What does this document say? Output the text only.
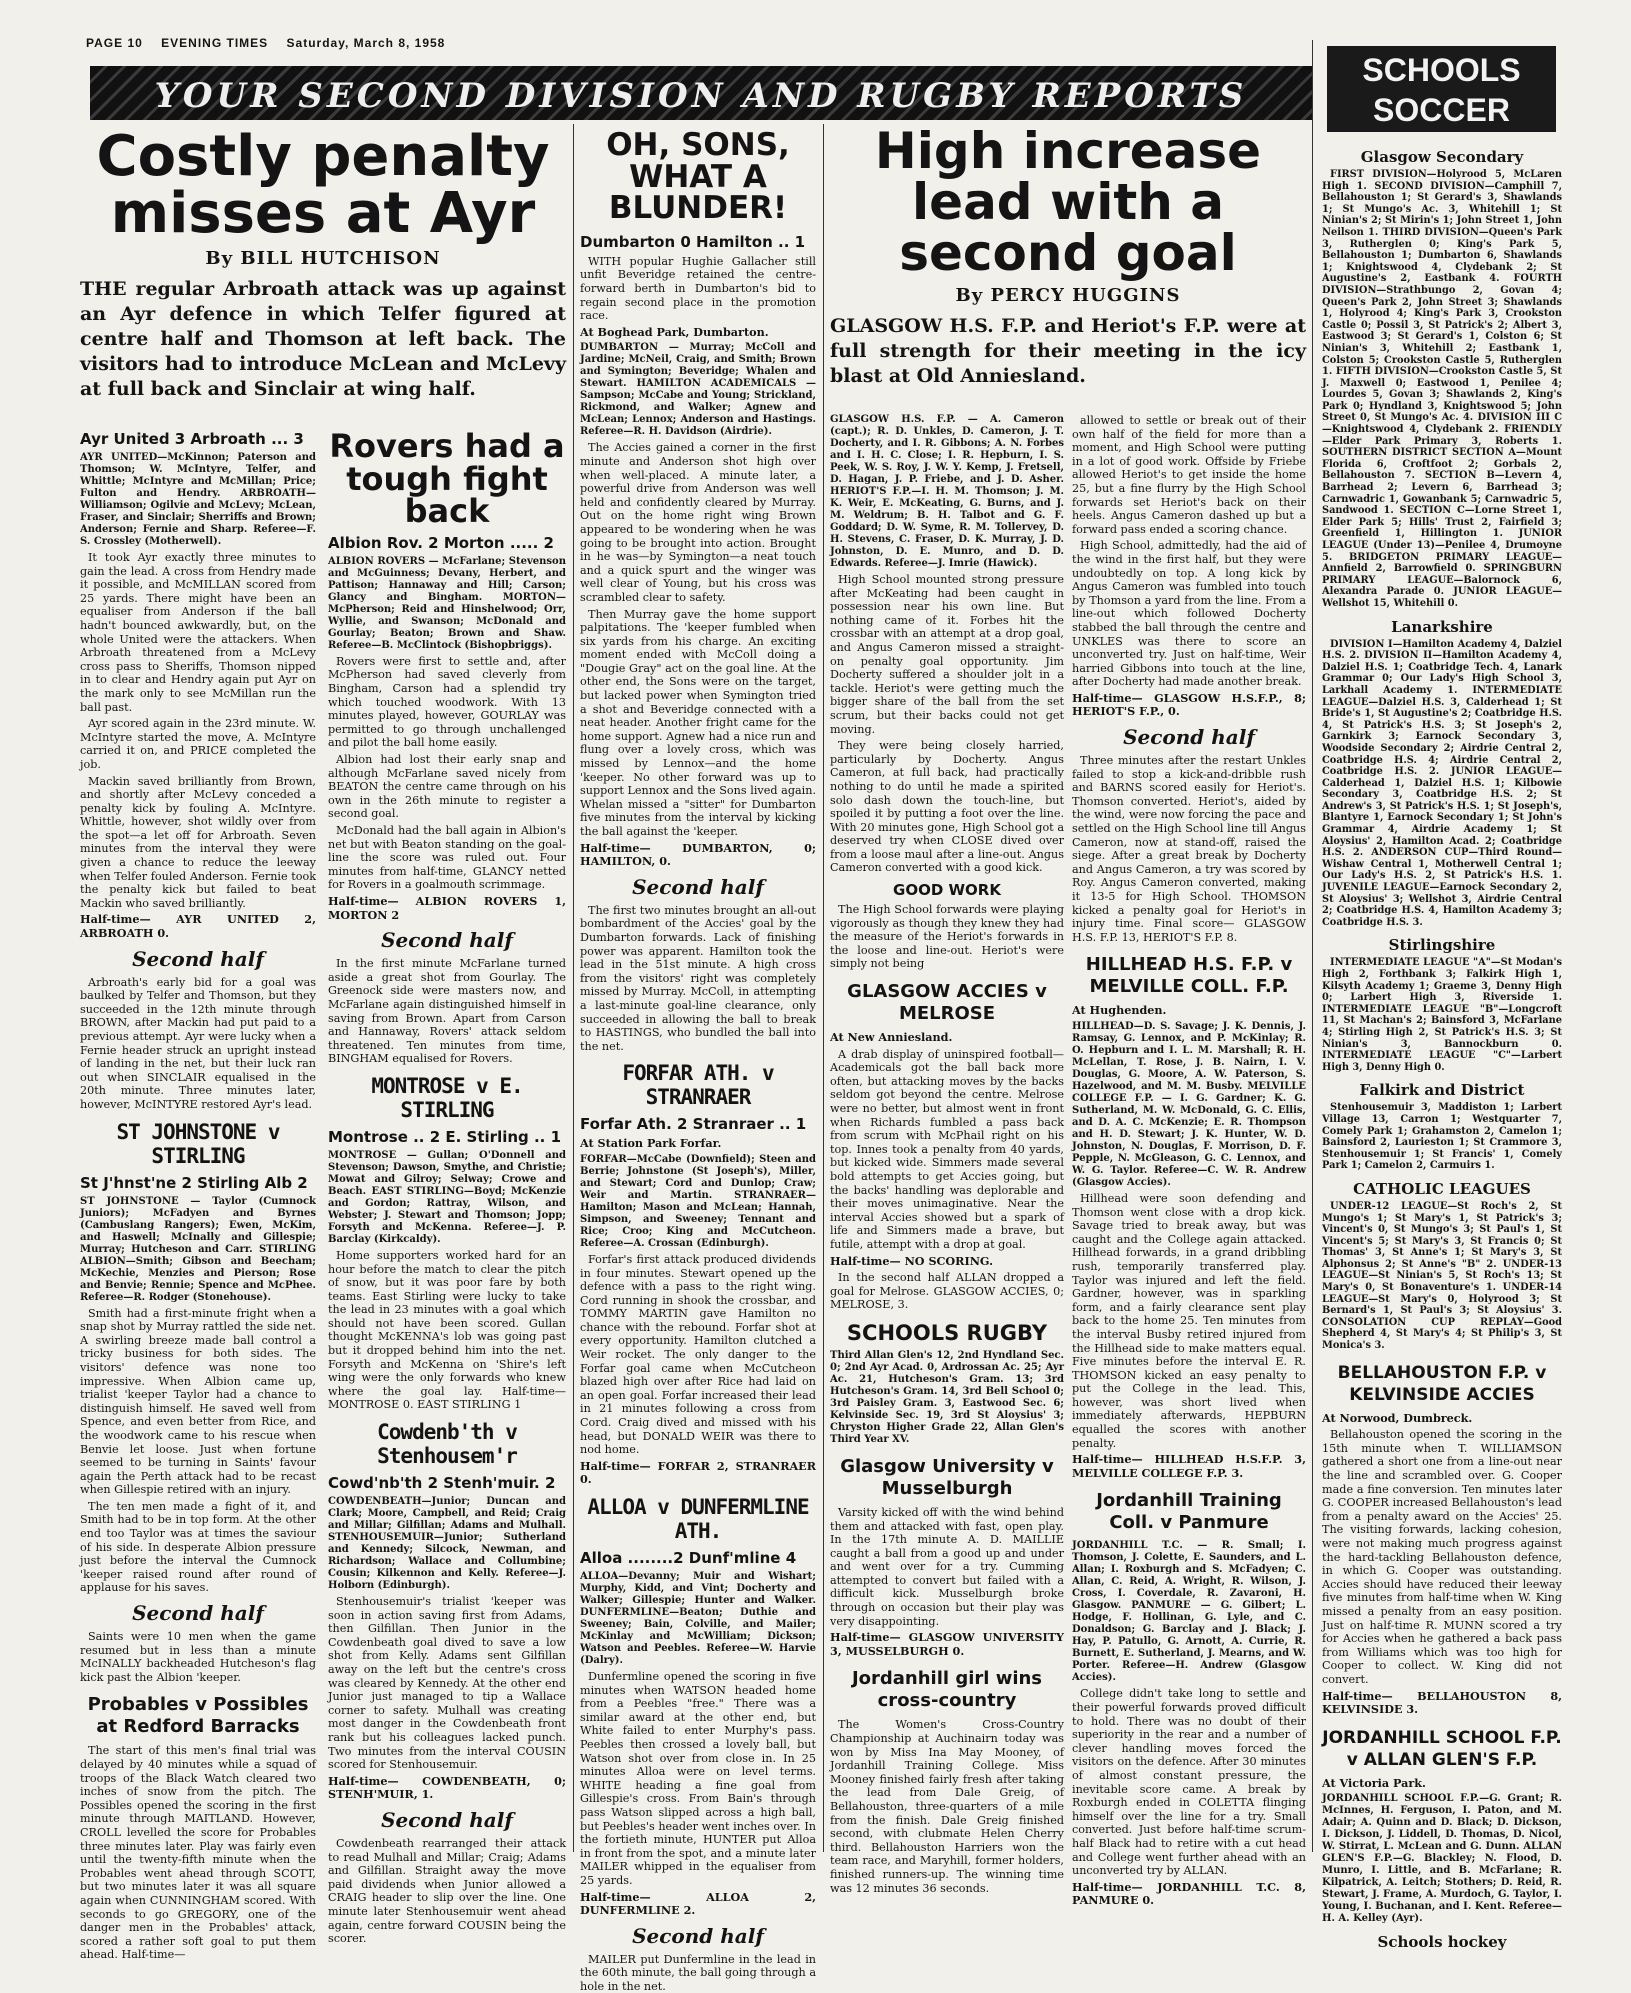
PAGE 10 EVENING TIMES Saturday, March 8, 1958
YOUR SECOND DIVISION AND RUGBY REPORTS
SCHOOLS SOCCER
Costly penalty misses at Ayr
By BILL HUTCHISON

THE regular Arbroath attack was up against an Ayr defence in which Telfer figured at centre half and Thomson at left back. The visitors had to introduce McLean and McLevy at full back and Sinclair at wing half.

Ayr United 3 Arbroath ... 3

AYR UNITED—McKinnon; Paterson and Thomson; W. McIntyre, Telfer, and Whittle; McIntyre and McMillan; Price; Fulton and Hendry. ARBROATH—Williamson; Ogilvie and McLevy; McLean, Fraser, and Sinclair; Sherriffs and Brown; Anderson; Fernie and Sharp. Referee—F. S. Crossley (Motherwell).

It took Ayr exactly three minutes to gain the lead. A cross from Hendry made it possible, and McMILLAN scored from 25 yards. There might have been an equaliser from Anderson if the ball hadn't bounced awkwardly, but, on the whole United were the attackers. When Arbroath threatened from a McLevy cross pass to Sheriffs, Thomson nipped in to clear and Hendry again put Ayr on the mark only to see McMillan run the ball past.

Ayr scored again in the 23rd minute. W. McIntyre started the move, A. McIntyre carried it on, and PRICE completed the job.

Mackin saved brilliantly from Brown, and shortly after McLevy conceded a penalty kick by fouling A. McIntyre. Whittle, however, shot wildly over from the spot—a let off for Arbroath. Seven minutes from the interval they were given a chance to reduce the leeway when Telfer fouled Anderson. Fernie took the penalty kick but failed to beat Mackin who saved brilliantly.

Half-time— AYR UNITED 2, ARBROATH 0.

Second half

Arbroath's early bid for a goal was baulked by Telfer and Thomson, but they succeeded in the 12th minute through BROWN, after Mackin had put paid to a previous attempt. Ayr were lucky when a Fernie header struck an upright instead of landing in the net, but their luck ran out when SINCLAIR equalised in the 20th minute. Three minutes later, however, McINTYRE restored Ayr's lead.

ST JOHNSTONE v STIRLING
St J'hnst'ne 2 Stirling Alb 2

ST JOHNSTONE — Taylor (Cumnock Juniors); McFadyen and Byrnes (Cambuslang Rangers); Ewen, McKim, and Haswell; McInally and Gillespie; Murray; Hutcheson and Carr. STIRLING ALBION—Smith; Gibson and Beecham; McKechie, Menzies and Pierson; Rose and Benvie; Rennie; Spence and McPhee. Referee—R. Rodger (Stonehouse).

Smith had a first-minute fright when a snap shot by Murray rattled the side net. A swirling breeze made ball control a tricky business for both sides. The visitors' defence was none too impressive. When Albion came up, trialist 'keeper Taylor had a chance to distinguish himself. He saved well from Spence, and even better from Rice, and the woodwork came to his rescue when Benvie let loose. Just when fortune seemed to be turning in Saints' favour again the Perth attack had to be recast when Gillespie retired with an injury.

The ten men made a fight of it, and Smith had to be in top form. At the other end too Taylor was at times the saviour of his side. In desperate Albion pressure just before the interval the Cumnock 'keeper raised round after round of applause for his saves.

Second half

Saints were 10 men when the game resumed but in less than a minute McINALLY backheaded Hutcheson's flag kick past the Albion 'keeper.

Probables v Possibles at Redford Barracks

The start of this men's final trial was delayed by 40 minutes while a squad of troops of the Black Watch cleared two inches of snow from the pitch. The Possibles opened the scoring in the first minute through MAITLAND. However, CROLL levelled the score for Probables three minutes later. Play was fairly even until the twenty-fifth minute when the Probables went ahead through SCOTT, but two minutes later it was all square again when CUNNINGHAM scored. With seconds to go GREGORY, one of the danger men in the Probables' attack, scored a rather soft goal to put them ahead. Half-time—

Rovers had a tough fight back
Albion Rov. 2 Morton ..... 2

ALBION ROVERS — McFarlane; Stevenson and McGuinness; Devany, Herbert, and Pattison; Hannaway and Hill; Carson; Glancy and Bingham. MORTON—McPherson; Reid and Hinshelwood; Orr, Wyllie, and Swanson; McDonald and Gourlay; Beaton; Brown and Shaw. Referee—B. McClintock (Bishopbriggs).

Rovers were first to settle and, after McPherson had saved cleverly from Bingham, Carson had a splendid try which touched woodwork. With 13 minutes played, however, GOURLAY was permitted to go through unchallenged and pilot the ball home easily.

Albion had lost their early snap and although McFarlane saved nicely from BEATON the centre came through on his own in the 26th minute to register a second goal.

McDonald had the ball again in Albion's net but with Beaton standing on the goal-line the score was ruled out. Four minutes from half-time, GLANCY netted for Rovers in a goalmouth scrimmage.

Half-time— ALBION ROVERS 1, MORTON 2

Second half

In the first minute McFarlane turned aside a great shot from Gourlay. The Greenock side were masters now, and McFarlane again distinguished himself in saving from Brown. Apart from Carson and Hannaway, Rovers' attack seldom threatened. Ten minutes from time, BINGHAM equalised for Rovers.

MONTROSE v E. STIRLING
Montrose .. 2 E. Stirling .. 1

MONTROSE — Gullan; O'Donnell and Stevenson; Dawson, Smythe, and Christie; Mowat and Gilroy; Selway; Crowe and Beach. EAST STIRLING—Boyd; McKenzie and Gordon; Rattray, Wilson, and Webster; J. Stewart and Thomson; Jopp; Forsyth and McKenna. Referee—J. P. Barclay (Kirkcaldy).

Home supporters worked hard for an hour before the match to clear the pitch of snow, but it was poor fare by both teams. East Stirling were lucky to take the lead in 23 minutes with a goal which should not have been scored. Gullan thought McKENNA's lob was going past but it dropped behind him into the net. Forsyth and McKenna on 'Shire's left wing were the only forwards who knew where the goal lay. Half-time— MONTROSE 0. EAST STIRLING 1

Cowdenb'th v Stenhousem'r
Cowd'nb'th 2 Stenh'muir. 2

COWDENBEATH—Junior; Duncan and Clark; Moore, Campbell, and Reid; Craig and Millar; Gilfillan; Adams and Mulhall. STENHOUSEMUIR—Junior; Sutherland and Kennedy; Silcock, Newman, and Richardson; Wallace and Collumbine; Cousin; Kilkennon and Kelly. Referee—J. Holborn (Edinburgh).

Stenhousemuir's trialist 'keeper was soon in action saving first from Adams, then Gilfillan. Then Junior in the Cowdenbeath goal dived to save a low shot from Kelly. Adams sent Gilfillan away on the left but the centre's cross was cleared by Kennedy. At the other end Junior just managed to tip a Wallace corner to safety. Mulhall was creating most danger in the Cowdenbeath front rank but his colleagues lacked punch. Two minutes from the interval COUSIN scored for Stenhousemuir.

Half-time— COWDENBEATH, 0; STENH'MUIR, 1.

Second half

Cowdenbeath rearranged their attack to read Mulhall and Millar; Craig; Adams and Gilfillan. Straight away the move paid dividends when Junior allowed a CRAIG header to slip over the line. One minute later Stenhousemuir went ahead again, centre forward COUSIN being the scorer.

OH, SONS, WHAT A BLUNDER!
Dumbarton 0 Hamilton .. 1

WITH popular Hughie Gallacher still unfit Beveridge retained the centre-forward berth in Dumbarton's bid to regain second place in the promotion race.

At Boghead Park, Dumbarton.

DUMBARTON — Murray; McColl and Jardine; McNeil, Craig, and Smith; Brown and Symington; Beveridge; Whalen and Stewart. HAMILTON ACADEMICALS — Sampson; McCabe and Young; Strickland, Rickmond, and Walker; Agnew and McLean; Lennox; Anderson and Hastings. Referee—R. H. Davidson (Airdrie).

The Accies gained a corner in the first minute and Anderson shot high over when well-placed. A minute later, a powerful drive from Anderson was well held and confidently cleared by Murray. Out on the home right wing Brown appeared to be wondering when he was going to be brought into action. Brought in he was—by Symington—a neat touch and a quick spurt and the winger was well clear of Young, but his cross was scrambled clear to safety.

Then Murray gave the home support palpitations. The 'keeper fumbled when six yards from his charge. An exciting moment ended with McColl doing a "Dougie Gray" act on the goal line. At the other end, the Sons were on the target, but lacked power when Symington tried a shot and Beveridge connected with a neat header. Another fright came for the home support. Agnew had a nice run and flung over a lovely cross, which was missed by Lennox—and the home 'keeper. No other forward was up to support Lennox and the Sons lived again. Whelan missed a "sitter" for Dumbarton five minutes from the interval by kicking the ball against the 'keeper.

Half-time— DUMBARTON, 0; HAMILTON, 0.

Second half

The first two minutes brought an all-out bombardment of the Accies' goal by the Dumbarton forwards. Lack of finishing power was apparent. Hamilton took the lead in the 51st minute. A high cross from the visitors' right was completely missed by Murray. McColl, in attempting a last-minute goal-line clearance, only succeeded in allowing the ball to break to HASTINGS, who bundled the ball into the net.

FORFAR ATH. v STRANRAER
Forfar Ath. 2 Stranraer .. 1

At Station Park Forfar.

FORFAR—McCabe (Downfield); Steen and Berrie; Johnstone (St Joseph's), Miller, and Stewart; Cord and Dunlop; Craw; Weir and Martin. STRANRAER—Hamilton; Mason and McLean; Hannah, Simpson, and Sweeney; Tennant and Rice; Croo; King and McCutcheon. Referee—A. Crossan (Edinburgh).

Forfar's first attack produced dividends in four minutes. Stewart opened up the defence with a pass to the right wing. Cord running in shook the crossbar, and TOMMY MARTIN gave Hamilton no chance with the rebound. Forfar shot at every opportunity. Hamilton clutched a Weir rocket. The only danger to the Forfar goal came when McCutcheon blazed high over after Rice had laid on an open goal. Forfar increased their lead in 21 minutes following a cross from Cord. Craig dived and missed with his head, but DONALD WEIR was there to nod home.

Half-time— FORFAR 2, STRANRAER 0.

ALLOA v DUNFERMLINE ATH.
Alloa ........2 Dunf'mline 4

ALLOA—Devanny; Muir and Wishart; Murphy, Kidd, and Vint; Docherty and Walker; Gillespie; Hunter and Walker. DUNFERMLINE—Beaton; Duthie and Sweeney; Bain, Colville, and Mailer; McKinlay and McWilliam; Dickson; Watson and Peebles. Referee—W. Harvie (Dalry).

Dunfermline opened the scoring in five minutes when WATSON headed home from a Peebles "free." There was a similar award at the other end, but White failed to enter Murphy's pass. Peebles then crossed a lovely ball, but Watson shot over from close in. In 25 minutes Alloa were on level terms. WHITE heading a fine goal from Gillespie's cross. From Bain's through pass Watson slipped across a high ball, but Peebles's header went inches over. In the fortieth minute, HUNTER put Alloa in front from the spot, and a minute later MAILER whipped in the equaliser from 25 yards.

Half-time— ALLOA 2, DUNFERMLINE 2.

Second half

MAILER put Dunfermline in the lead in the 60th minute, the ball going through a hole in the net.

High increase lead with a second goal
By PERCY HUGGINS

GLASGOW H.S. F.P. and Heriot's F.P. were at full strength for their meeting in the icy blast at Old Anniesland.

GLASGOW H.S. F.P. — A. Cameron (capt.); R. D. Unkles, D. Cameron, J. T. Docherty, and I. R. Gibbons; A. N. Forbes and I. H. C. Close; I. R. Hepburn, I. S. Peek, W. S. Roy, J. W. Y. Kemp, J. Fretsell, D. Hagan, J. P. Friebe, and J. D. Asher. HERIOT'S F.P.—I. H. M. Thomson; J. M. K. Weir, E. McKeating, G. Burns, and J. M. Weldrum; B. H. Talbot and G. F. Goddard; D. W. Syme, R. M. Tollervey, D. H. Stevens, C. Fraser, D. K. Murray, J. D. Johnston, D. E. Munro, and D. D. Edwards. Referee—J. Imrie (Hawick).

High School mounted strong pressure after McKeating had been caught in possession near his own line. But nothing came of it. Forbes hit the crossbar with an attempt at a drop goal, and Angus Cameron missed a straight-on penalty goal opportunity. Jim Docherty suffered a shoulder jolt in a tackle. Heriot's were getting much the bigger share of the ball from the set scrum, but their backs could not get moving.

They were being closely harried, particularly by Docherty. Angus Cameron, at full back, had practically nothing to do until he made a spirited solo dash down the touch-line, but spoiled it by putting a foot over the line. With 20 minutes gone, High School got a deserved try when CLOSE dived over from a loose maul after a line-out. Angus Cameron converted with a good kick.

GOOD WORK

The High School forwards were playing vigorously as though they knew they had the measure of the Heriot's forwards in the loose and line-out. Heriot's were simply not being

GLASGOW ACCIES v MELROSE

At New Anniesland.

A drab display of uninspired football—Academicals got the ball back more often, but attacking moves by the backs seldom got beyond the centre. Melrose were no better, but almost went in front when Richards fumbled a pass back from scrum with McPhail right on his top. Innes took a penalty from 40 yards, but kicked wide. Simmers made several bold attempts to get Accies going, but the backs' handling was deplorable and their moves unimaginative. Near the interval Accies showed but a spark of life and Simmers made a brave, but futile, attempt with a drop at goal.

Half-time— NO SCORING.

In the second half ALLAN dropped a goal for Melrose. GLASGOW ACCIES, 0; MELROSE, 3.

SCHOOLS RUGBY

Third Allan Glen's 12, 2nd Hyndland Sec. 0; 2nd Ayr Acad. 0, Ardrossan Ac. 25; Ayr Ac. 21, Hutcheson's Gram. 13; 3rd Hutcheson's Gram. 14, 3rd Bell School 0; 3rd Paisley Gram. 3, Eastwood Sec. 6; Kelvinside Sec. 19, 3rd St Aloysius' 3; Chryston Higher Grade 22, Allan Glen's Third Year XV.

Glasgow University v Musselburgh

Varsity kicked off with the wind behind them and attacked with fast, open play. In the 17th minute A. D. MAILLIE caught a ball from a good up and under and went over for a try. Cumming attempted to convert but failed with a difficult kick. Musselburgh broke through on occasion but their play was very disappointing.

Half-time— GLASGOW UNIVERSITY 3, MUSSELBURGH 0.

Jordanhill girl wins cross-country

The Women's Cross-Country Championship at Auchinairn today was won by Miss Ina May Mooney, of Jordanhill Training College. Miss Mooney finished fairly fresh after taking the lead from Dale Greig, of Bellahouston, three-quarters of a mile from the finish. Dale Greig finished second, with clubmate Helen Cherry third. Bellahouston Harriers won the team race, and Maryhill, former holders, finished runners-up. The winning time was 12 minutes 36 seconds.

allowed to settle or break out of their own half of the field for more than a moment, and High School were putting in a lot of good work. Offside by Friebe allowed Heriot's to get inside the home 25, but a fine flurry by the High School forwards set Heriot's back on their heels. Angus Cameron dashed up but a forward pass ended a scoring chance.

High School, admittedly, had the aid of the wind in the first half, but they were undoubtedly on top. A long kick by Angus Cameron was fumbled into touch by Thomson a yard from the line. From a line-out which followed Docherty stabbed the ball through the centre and UNKLES was there to score an unconverted try. Just on half-time, Weir harried Gibbons into touch at the line, after Docherty had made another break.

Half-time— GLASGOW H.S.F.P., 8; HERIOT'S F.P., 0.

Second half

Three minutes after the restart Unkles failed to stop a kick-and-dribble rush and BARNS scored easily for Heriot's. Thomson converted. Heriot's, aided by the wind, were now forcing the pace and settled on the High School line till Angus Cameron, now at stand-off, raised the siege. After a great break by Docherty and Angus Cameron, a try was scored by Roy. Angus Cameron converted, making it 13-5 for High School. THOMSON kicked a penalty goal for Heriot's in injury time. Final score— GLASGOW H.S. F.P. 13, HERIOT'S F.P. 8.

HILLHEAD H.S. F.P. v MELVILLE COLL. F.P.

At Hughenden.

HILLHEAD—D. S. Savage; J. K. Dennis, J. Ramsay, G. Lennox, and P. McKinlay; R. O. Hepburn and I. L. M. Marshall; R. H. McLellan, T. Rose, J. B. Nairn, I. V. Douglas, G. Moore, A. W. Paterson, S. Hazelwood, and M. M. Busby. MELVILLE COLLEGE F.P. — I. G. Gardner; K. G. Sutherland, M. W. McDonald, G. C. Ellis, and D. A. C. McKenzie; E. R. Thompson and H. D. Stewart; J. K. Hunter, W. D. Johnston, N. Douglas, F. Morrison, D. F. Pepple, N. McGleason, G. C. Lennox, and W. G. Taylor. Referee—C. W. R. Andrew (Glasgow Accies).

Hillhead were soon defending and Thomson went close with a drop kick. Savage tried to break away, but was caught and the College again attacked. Hillhead forwards, in a grand dribbling rush, temporarily transferred play. Taylor was injured and left the field. Gardner, however, was in sparkling form, and a fairly clearance sent play back to the home 25. Ten minutes from the interval Busby retired injured from the Hillhead side to make matters equal. Five minutes before the interval E. R. THOMSON kicked an easy penalty to put the College in the lead. This, however, was short lived when immediately afterwards, HEPBURN equalled the scores with another penalty.

Half-time— HILLHEAD H.S.F.P. 3, MELVILLE COLLEGE F.P. 3.

Jordanhill Training Coll. v Panmure

JORDANHILL T.C. — R. Small; I. Thomson, J. Colette, E. Saunders, and L. Allan; I. Roxburgh and S. McFadyen; C. Allan, C. Reid, A. Wright, R. Wilson, J. Cross, I. Coverdale, R. Zavaroni, H. Glasgow. PANMURE — G. Gilbert; L. Hodge, F. Hollinan, G. Lyle, and C. Donaldson; G. Barclay and J. Black; J. Hay, P. Patullo, G. Arnott, A. Currie, R. Burnett, E. Sutherland, J. Mearns, and W. Porter. Referee—H. Andrew (Glasgow Accies).

College didn't take long to settle and their powerful forwards proved difficult to hold. There was no doubt of their superiority in the rear and a number of clever handling moves forced the visitors on the defence. After 30 minutes of almost constant pressure, the inevitable score came. A break by Roxburgh ended in COLETTA flinging himself over the line for a try. Small converted. Just before half-time scrum-half Black had to retire with a cut head and College went further ahead with an unconverted try by ALLAN.

Half-time— JORDANHILL T.C. 8, PANMURE 0.

Glasgow Secondary

FIRST DIVISION—Holyrood 5, McLaren High 1. SECOND DIVISION—Camphill 7, Bellahouston 1; St Gerard's 3, Shawlands 1; St Mungo's Ac. 3, Whitehill 1; St Ninian's 2; St Mirin's 1; John Street 1, John Neilson 1. THIRD DIVISION—Queen's Park 3, Rutherglen 0; King's Park 5, Bellahouston 1; Dumbarton 6, Shawlands 1; Knightswood 4, Clydebank 2; St Augustine's 2, Eastbank 4. FOURTH DIVISION—Strathbungo 2, Govan 4; Queen's Park 2, John Street 3; Shawlands 1, Holyrood 4; King's Park 3, Crookston Castle 0; Possil 3, St Patrick's 2; Albert 3, Eastwood 3; St Gerard's 1, Colston 6; St Ninian's 3, Whitehill 2; Eastbank 1, Colston 5; Crookston Castle 5, Rutherglen 1. FIFTH DIVISION—Crookston Castle 5, St J. Maxwell 0; Eastwood 1, Penilee 4; Lourdes 5, Govan 3; Shawlands 2, King's Park 0; Hyndland 3, Knightswood 5; John Street 0, St Mungo's Ac. 4. DIVISION III C—Knightswood 4, Clydebank 2. FRIENDLY—Elder Park Primary 3, Roberts 1. SOUTHERN DISTRICT SECTION A—Mount Florida 6, Croftfoot 2; Gorbals 2, Bellahouston 7. SECTION B—Levern 4, Barrhead 2; Levern 6, Barrhead 3; Carnwadric 1, Gowanbank 5; Carnwadric 5, Sandwood 1. SECTION C—Lorne Street 1, Elder Park 5; Hills' Trust 2, Fairfield 3; Greenfield 1, Hillington 1. JUNIOR LEAGUE (Under 13)—Penilee 4, Drumoyne 5. BRIDGETON PRIMARY LEAGUE—Annfield 2, Barrowfield 0. SPRINGBURN PRIMARY LEAGUE—Balornock 6, Alexandra Parade 0. JUNIOR LEAGUE—Wellshot 15, Whitehill 0.

Lanarkshire

DIVISION I—Hamilton Academy 4, Dalziel H.S. 2. DIVISION II—Hamilton Academy 4, Dalziel H.S. 1; Coatbridge Tech. 4, Lanark Grammar 0; Our Lady's High School 3, Larkhall Academy 1. INTERMEDIATE LEAGUE—Dalziel H.S. 3, Calderhead 1; St Bride's 1, St Augustine's 2; Coatbridge H.S. 4, St Patrick's H.S. 3; St Joseph's 2, Garnkirk 3; Earnock Secondary 3, Woodside Secondary 2; Airdrie Central 2, Coatbridge H.S. 4; Airdrie Central 2, Coatbridge H.S. 2. JUNIOR LEAGUE—Calderhead 1, Dalziel H.S. 1; Kilbowie Secondary 3, Coatbridge H.S. 2; St Andrew's 3, St Patrick's H.S. 1; St Joseph's, Blantyre 1, Earnock Secondary 1; St John's Grammar 4, Airdrie Academy 1; St Aloysius' 2, Hamilton Acad. 2; Coatbridge H.S. 2. ANDERSON CUP—Third Round—Wishaw Central 1, Motherwell Central 1; Our Lady's H.S. 2, St Patrick's H.S. 1. JUVENILE LEAGUE—Earnock Secondary 2, St Aloysius' 3; Wellshot 3, Airdrie Central 2; Coatbridge H.S. 4, Hamilton Academy 3; Coatbridge H.S. 3.

Stirlingshire

INTERMEDIATE LEAGUE "A"—St Modan's High 2, Forthbank 3; Falkirk High 1, Kilsyth Academy 1; Graeme 3, Denny High 0; Larbert High 3, Riverside 1. INTERMEDIATE LEAGUE "B"—Longcroft 11, St Machan's 2; Bainsford 3, McFarlane 4; Stirling High 2, St Patrick's H.S. 3; St Ninian's 3, Bannockburn 0. INTERMEDIATE LEAGUE "C"—Larbert High 3, Denny High 0.

Falkirk and District

Stenhousemuir 3, Maddiston 1; Larbert Village 13, Carron 1; Westquarter 7, Comely Park 1; Grahamston 2, Camelon 1; Bainsford 2, Laurieston 1; St Crammore 3, Stenhousemuir 1; St Francis' 1, Comely Park 1; Camelon 2, Carmuirs 1.

CATHOLIC LEAGUES

UNDER-12 LEAGUE—St Roch's 2, St Mungo's 1; St Mary's 1, St Patrick's 3; Vincent's 0, St Mungo's 3; St Paul's 1, St Vincent's 5; St Mary's 3, St Francis 0; St Thomas' 3, St Anne's 1; St Mary's 3, St Alphonsus 2; St Anne's "B" 2. UNDER-13 LEAGUE—St Ninian's 5, St Roch's 13; St Mary's 0, St Bonaventure's 1. UNDER-14 LEAGUE—St Mary's 0, Holyrood 3; St Bernard's 1, St Paul's 3; St Aloysius' 3. CONSOLATION CUP REPLAY—Good Shepherd 4, St Mary's 4; St Philip's 3, St Monica's 3.

BELLAHOUSTON F.P. v KELVINSIDE ACCIES

At Norwood, Dumbreck.

Bellahouston opened the scoring in the 15th minute when T. WILLIAMSON gathered a short one from a line-out near the line and scrambled over. G. Cooper made a fine conversion. Ten minutes later G. COOPER increased Bellahouston's lead from a penalty award on the Accies' 25. The visiting forwards, lacking cohesion, were not making much progress against the hard-tackling Bellahouston defence, in which G. Cooper was outstanding. Accies should have reduced their leeway five minutes from half-time when W. King missed a penalty from an easy position. Just on half-time R. MUNN scored a try for Accies when he gathered a back pass from Williams which was too high for Cooper to collect. W. King did not convert.

Half-time— BELLAHOUSTON 8, KELVINSIDE 3.

JORDANHILL SCHOOL F.P. v ALLAN GLEN'S F.P.

At Victoria Park.

JORDANHILL SCHOOL F.P.—G. Grant; R. McInnes, H. Ferguson, I. Paton, and M. Adair; A. Quinn and D. Black; D. Dickson, I. Dickson, J. Liddell, D. Thomas, D. Nicol, W. Stirrat, L. McLean and G. Dunn. ALLAN GLEN'S F.P.—G. Blackley; N. Flood, D. Munro, I. Little, and B. McFarlane; R. Kilpatrick, A. Leitch; Stothers; D. Reid, R. Stewart, J. Frame, A. Murdoch, G. Taylor, I. Young, I. Buchanan, and I. Kent. Referee—H. A. Kelley (Ayr).

Schools hockey
